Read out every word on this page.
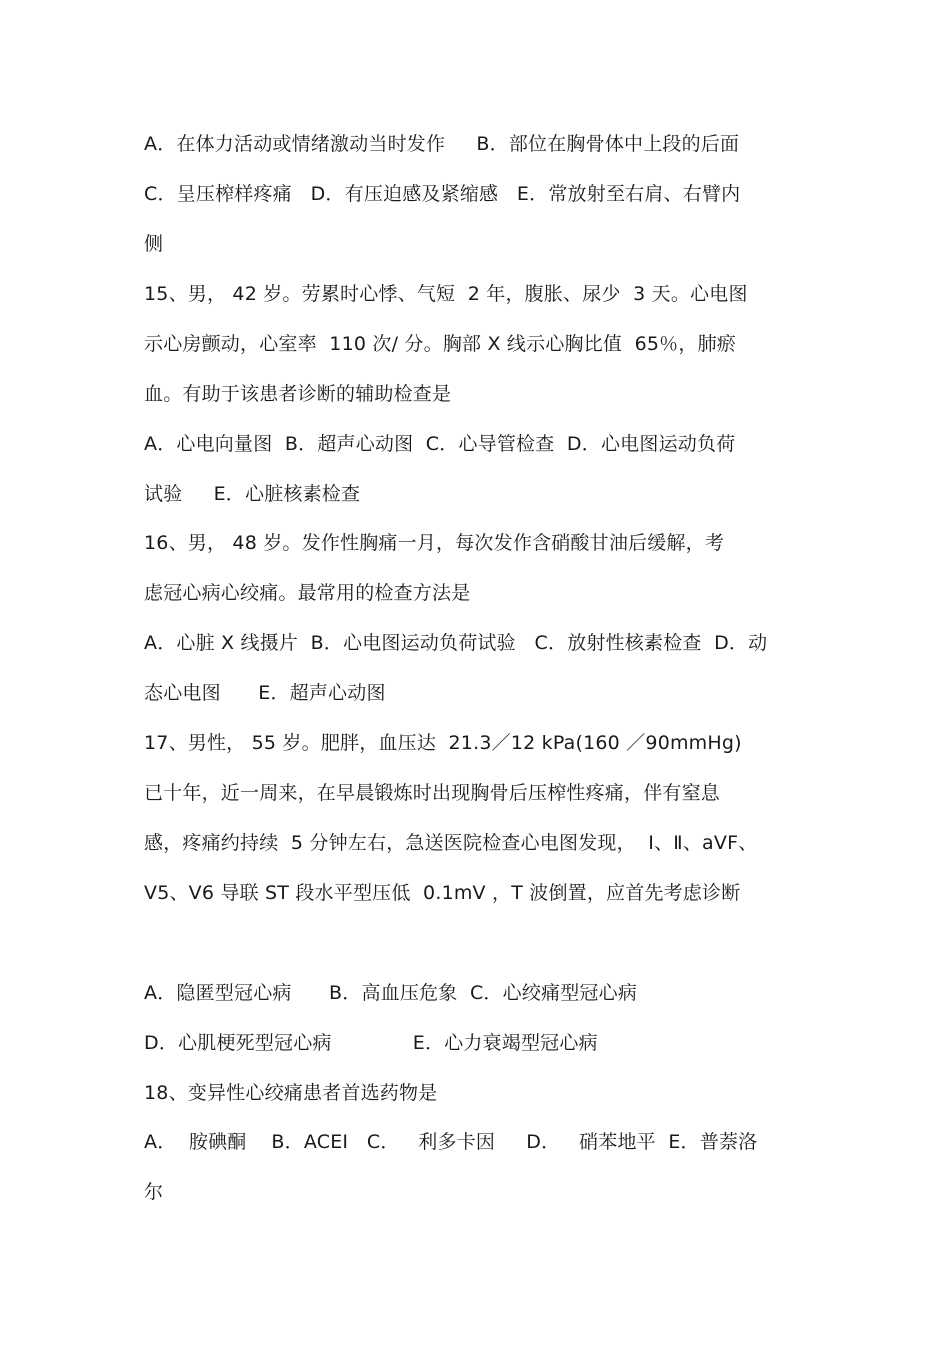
A．在体力活动或情绪激动当时发作     B．部位在胸骨体中上段的后面
C．呈压榨样疼痛   D．有压迫感及紧缩感   E．常放射至右肩、右臂内
侧
15、男， 42 岁。劳累时心悸、气短  2 年，腹胀、尿少  3 天。心电图
示心房颤动，心室率  110 次/ 分。胸部 X 线示心胸比值  65％，肺瘀
血。有助于该患者诊断的辅助检查是
A．心电向量图  B．超声心动图  C．心导管检查  D．心电图运动负荷
试验     E．心脏核素检查
16、男， 48 岁。发作性胸痛一月，每次发作含硝酸甘油后缓解，考
虑冠心病心绞痛。最常用的检查方法是
A．心脏 X 线摄片  B．心电图运动负荷试验   C．放射性核素检查  D．动
态心电图      E．超声心动图
17、男性， 55 岁。肥胖，血压达  21.3／12 kPa(160 ／90mmHg)
已十年，近一周来，在早晨锻炼时出现胸骨后压榨性疼痛，伴有窒息
感，疼痛约持续  5 分钟左右，急送医院检查心电图发现，  Ⅰ、Ⅱ、aVF、
V5、V6 导联 ST 段水平型压低  0.1mV ，T 波倒置，应首先考虑诊断
A．隐匿型冠心病      B．高血压危象  C．心绞痛型冠心病
D．心肌梗死型冠心病             E．心力衰竭型冠心病
18、变异性心绞痛患者首选药物是
A．  胺碘酮    B．ACEI   C．   利多卡因     D．   硝苯地平  E．普萘洛
尔
